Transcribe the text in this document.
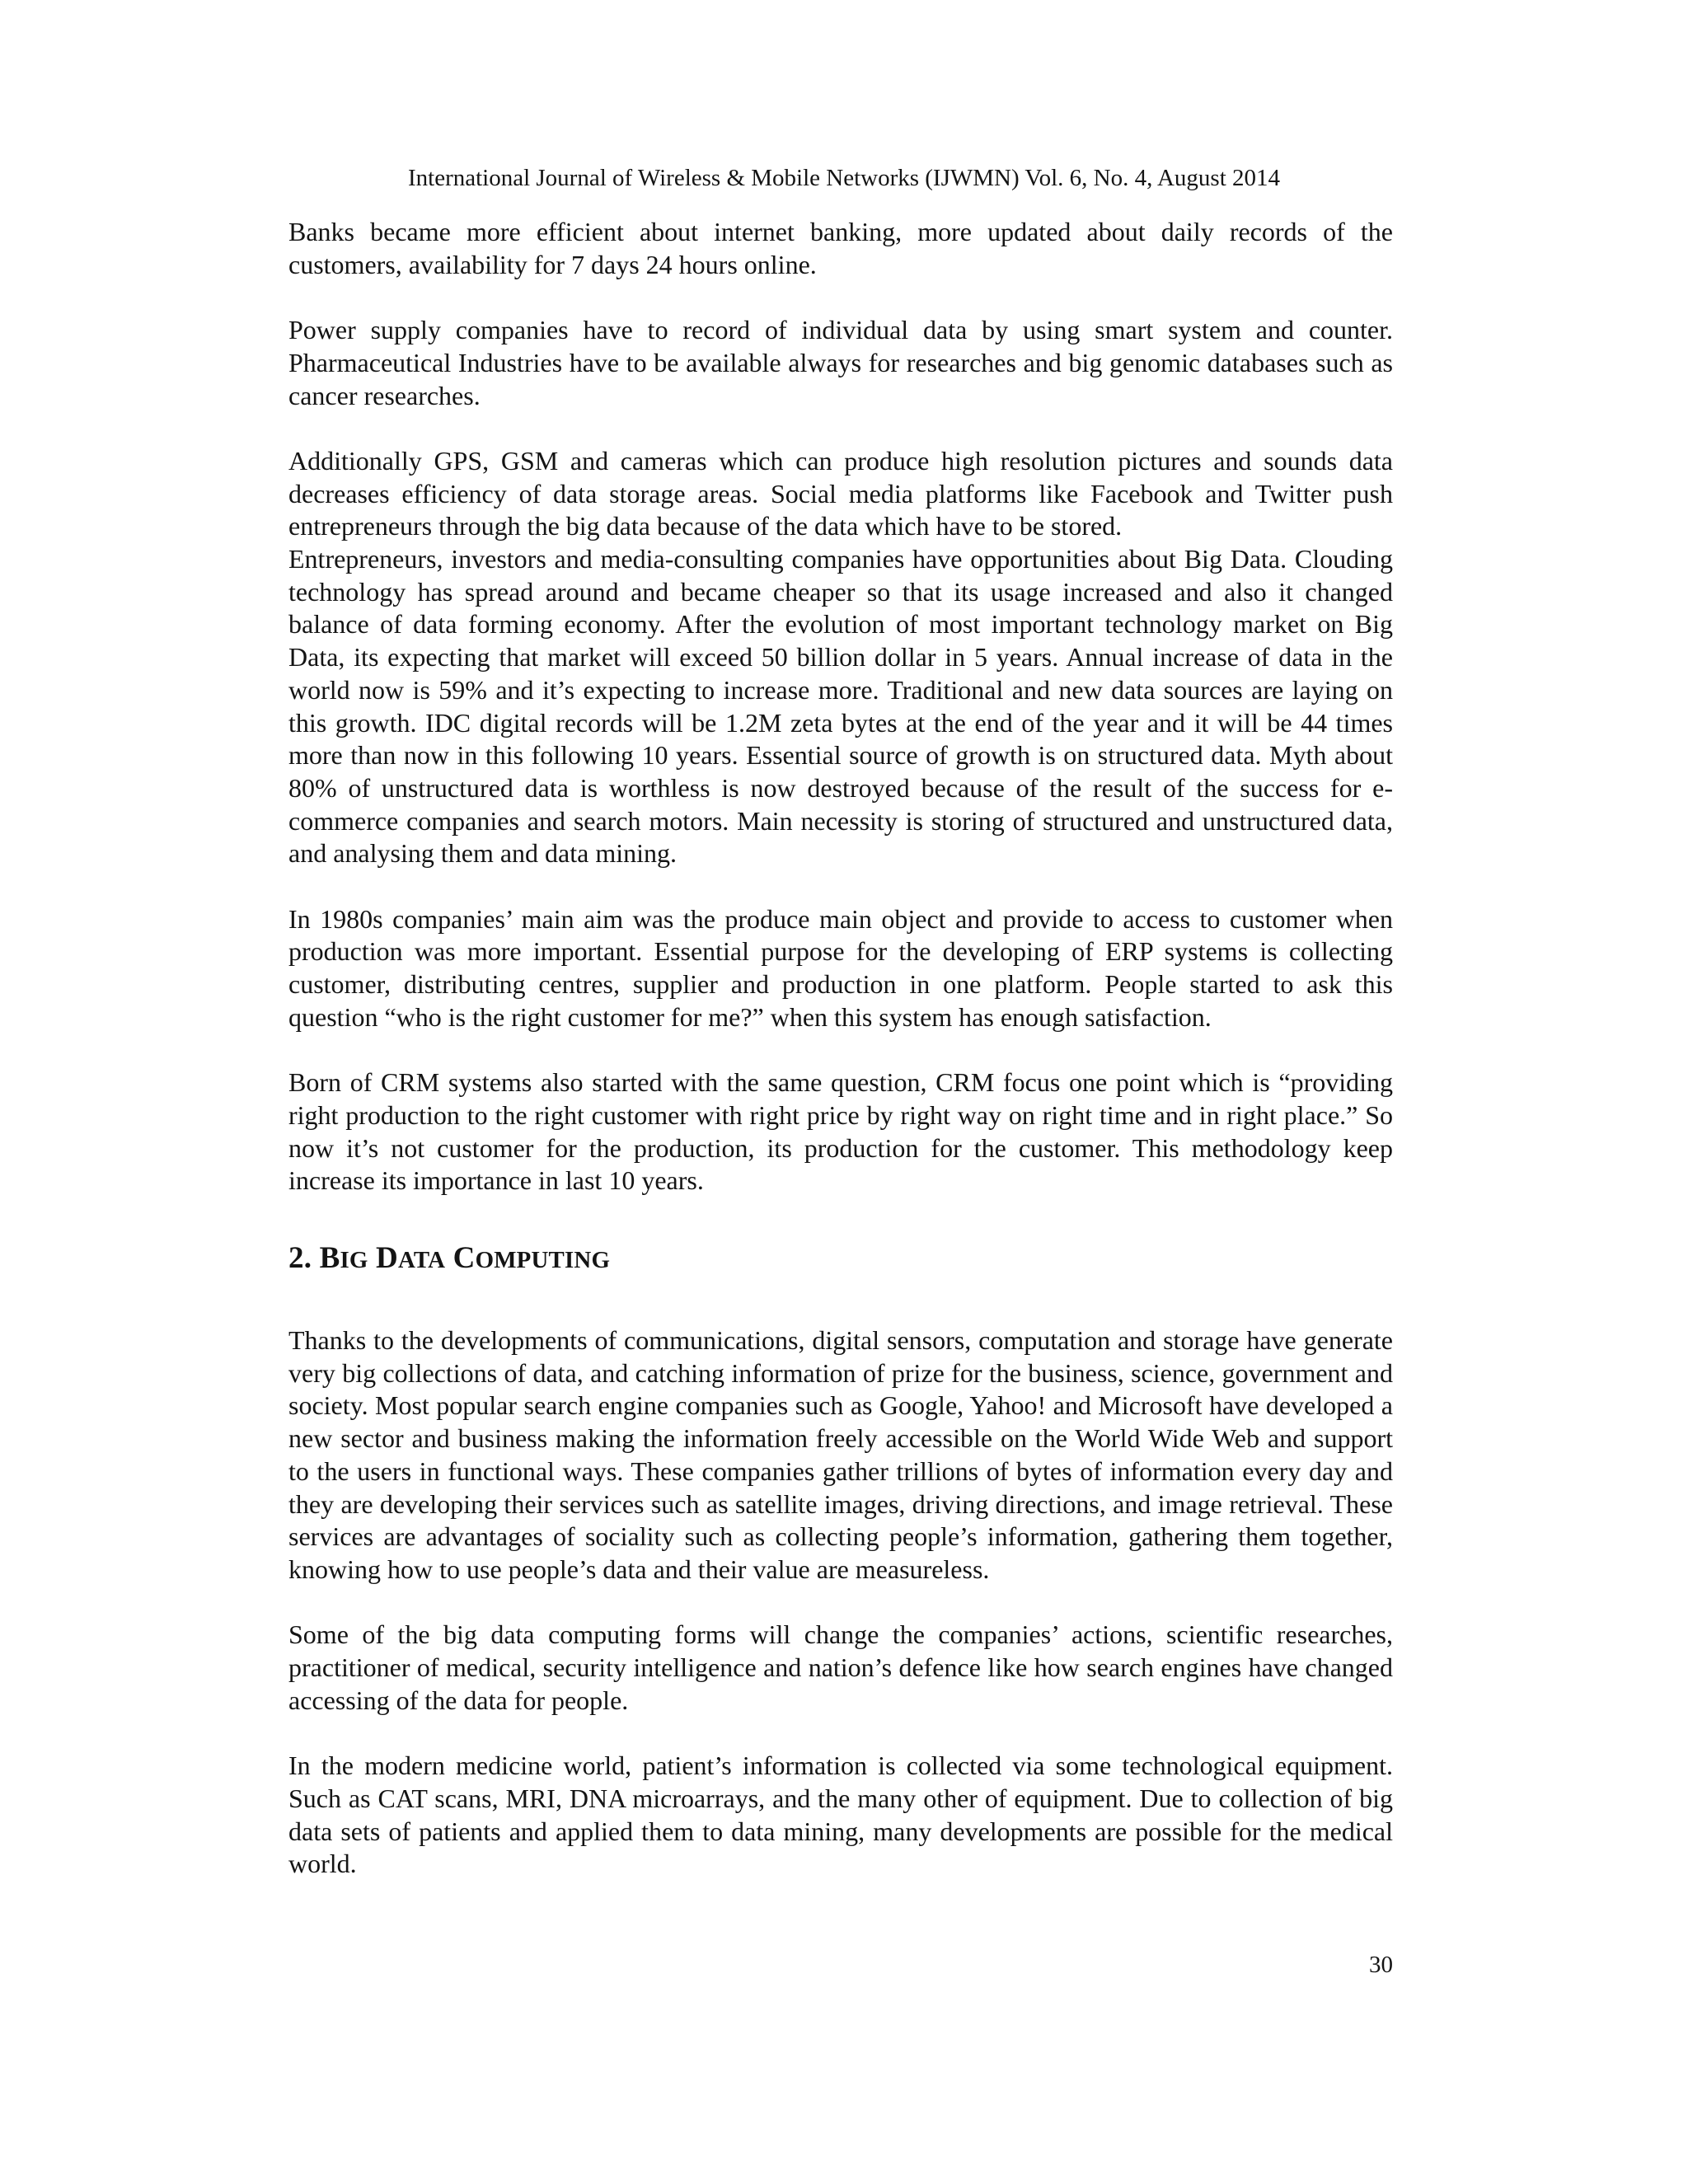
International Journal of Wireless & Mobile Networks (IJWMN) Vol. 6, No. 4, August 2014

Banks became more efficient about internet banking, more updated about daily records of the customers, availability for 7 days 24 hours online.

Power supply companies have to record of individual data by using smart system and counter. Pharmaceutical Industries have to be available always for researches and big genomic databases such as cancer researches.

Additionally GPS, GSM and cameras which can produce high resolution pictures and sounds data decreases efficiency of data storage areas. Social media platforms like Facebook and Twitter push entrepreneurs through the big data because of the data which have to be stored.

Entrepreneurs, investors and media-consulting companies have opportunities about Big Data. Clouding technology has spread around and became cheaper so that its usage increased and also it changed balance of data forming economy. After the evolution of most important technology market on Big Data, its expecting that market will exceed 50 billion dollar in 5 years. Annual increase of data in the world now is 59% and it’s expecting to increase more. Traditional and new data sources are laying on this growth. IDC digital records will be 1.2M zeta bytes at the end of the year and it will be 44 times more than now in this following 10 years. Essential source of growth is on structured data. Myth about 80% of unstructured data is worthless is now destroyed because of the result of the success for e-commerce companies and search motors. Main necessity is storing of structured and unstructured data, and analysing them and data mining.

In 1980s companies’ main aim was the produce main object and provide to access to customer when production was more important. Essential purpose for the developing of ERP systems is collecting customer, distributing centres, supplier and production in one platform. People started to ask this question “who is the right customer for me?” when this system has enough satisfaction.

Born of CRM systems also started with the same question, CRM focus one point which is “providing right production to the right customer with right price by right way on right time and in right place.” So now it’s not customer for the production, its production for the customer. This methodology keep increase its importance in last 10 years.

2. BIG DATA COMPUTING

Thanks to the developments of communications, digital sensors, computation and storage have generate very big collections of data, and catching information of prize for the business, science, government and society. Most popular search engine companies such as Google, Yahoo! and Microsoft have developed a new sector and business making the information freely accessible on the World Wide Web and support to the users in functional ways. These companies gather trillions of bytes of information every day and they are developing their services such as satellite images, driving directions, and image retrieval. These services are advantages of sociality such as collecting people’s information, gathering them together, knowing how to use people’s data and their value are measureless.

Some of the big data computing forms will change the companies’ actions, scientific researches, practitioner of medical, security intelligence and nation’s defence like how search engines have changed accessing of the data for people.

In the modern medicine world, patient’s information is collected via some technological equipment. Such as CAT scans, MRI, DNA microarrays, and the many other of equipment. Due to collection of big data sets of patients and applied them to data mining, many developments are possible for the medical world.

30
